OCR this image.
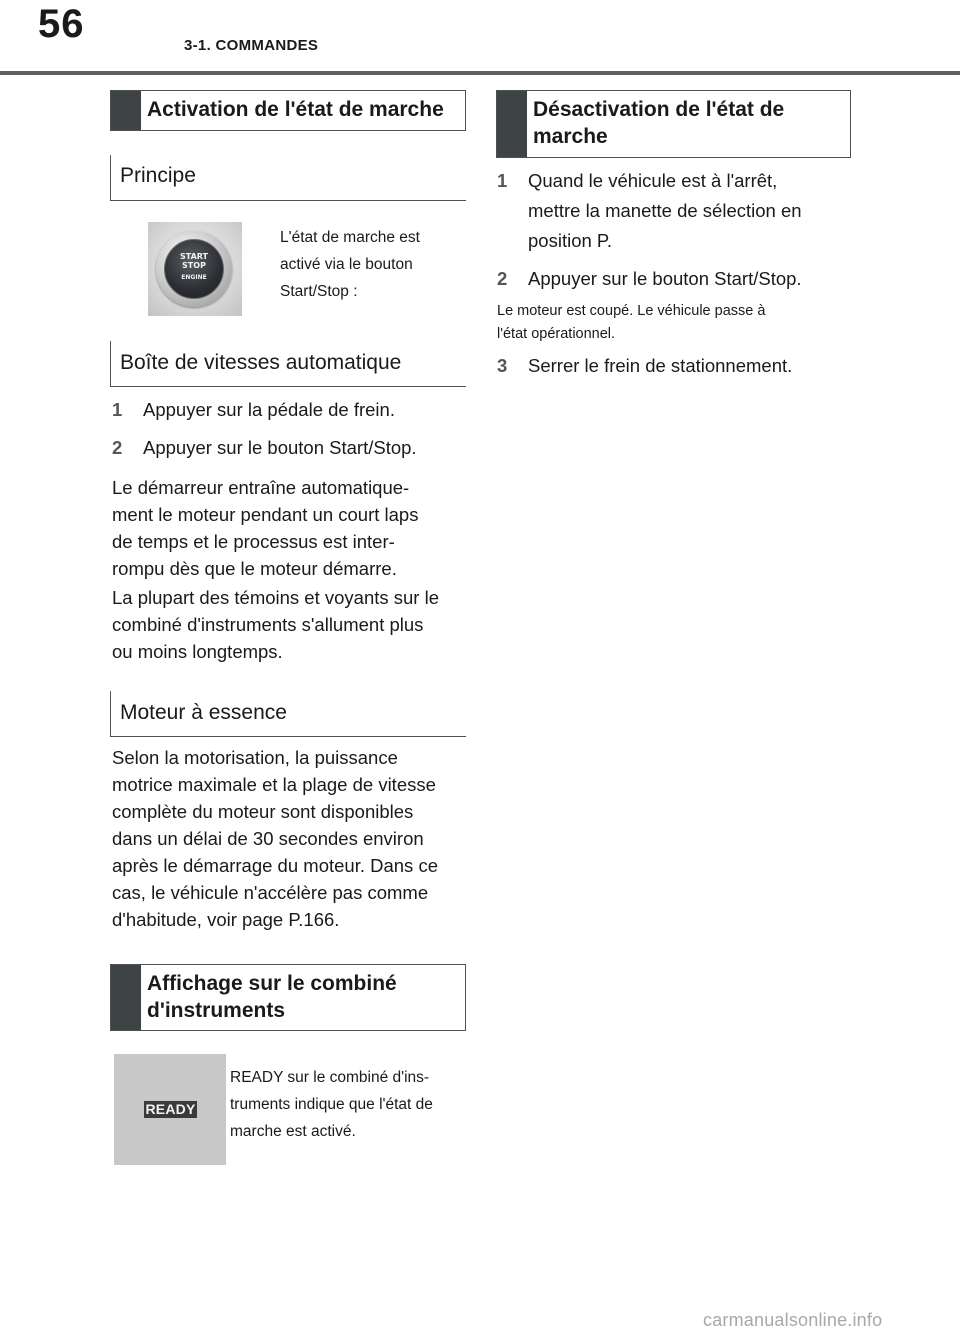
56	3-1. COMMANDES
Activation de l'état de marche
Principe
START
STOP
ENGINE
L'état de marche est
activé via le bouton
Start/Stop :
Boîte de vitesses automatique
1 Appuyer sur la pédale de frein.
2 Appuyer sur le bouton Start/Stop.
Le démarreur entraîne automatique-
ment le moteur pendant un court laps
de temps et le processus est inter-
rompu dès que le moteur démarre.
La plupart des témoins et voyants sur le
combiné d'instruments s'allument plus
ou moins longtemps.
Moteur à essence
Selon la motorisation, la puissance
motrice maximale et la plage de vitesse
complète du moteur sont disponibles
dans un délai de 30 secondes environ
après le démarrage du moteur. Dans ce
cas, le véhicule n'accélère pas comme
d'habitude, voir page P.166.
Affichage sur le combiné
d'instruments
READY
READY sur le combiné d'ins-
truments indique que l'état de
marche est activé.
Désactivation de l'état de
marche
1 Quand le véhicule est à l'arrêt,
mettre la manette de sélection en
position P.
2 Appuyer sur le bouton Start/Stop.
Le moteur est coupé. Le véhicule passe à
l'état opérationnel.
3 Serrer le frein de stationnement.
carmanualsonline.info
